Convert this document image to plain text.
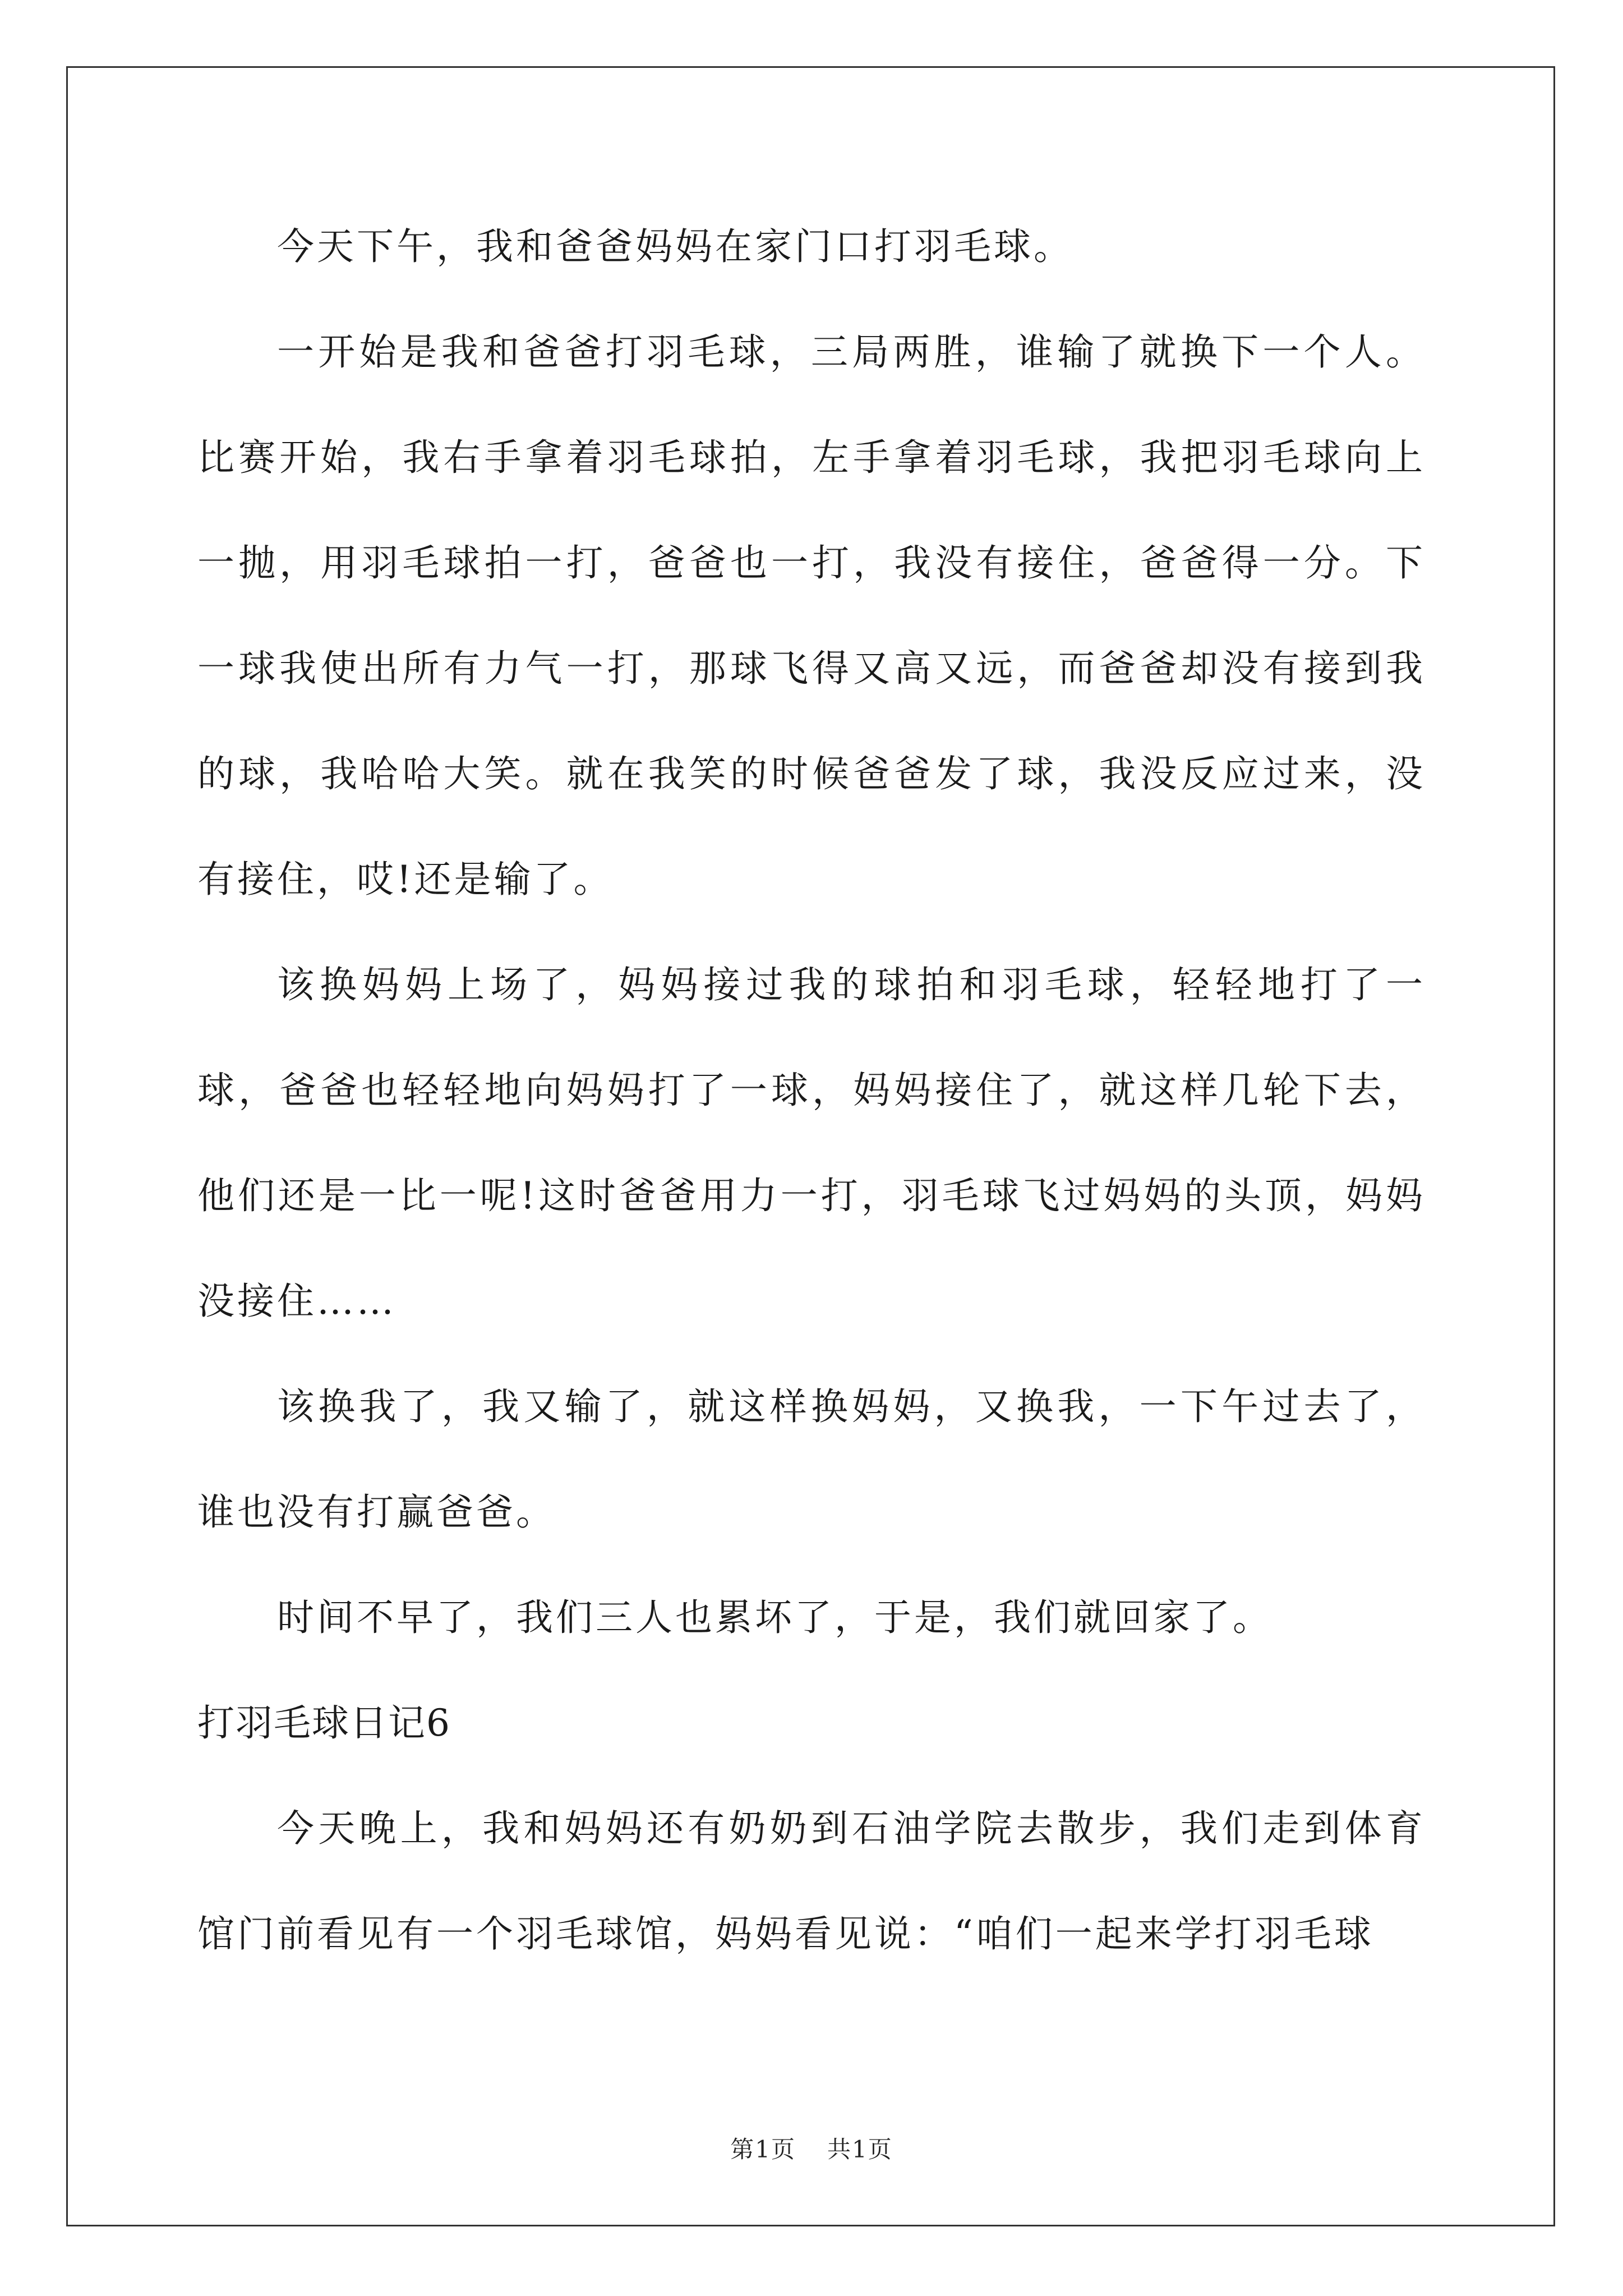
今天下午，我和爸爸妈妈在家门口打羽毛球。

一开始是我和爸爸打羽毛球，三局两胜，谁输了就换下一个人。比赛开始，我右手拿着羽毛球拍，左手拿着羽毛球，我把羽毛球向上一抛，用羽毛球拍一打，爸爸也一打，我没有接住，爸爸得一分。下一球我使出所有力气一打，那球飞得又高又远，而爸爸却没有接到我的球，我哈哈大笑。就在我笑的时候爸爸发了球，我没反应过来，没有接住，哎!还是输了。

该换妈妈上场了，妈妈接过我的球拍和羽毛球，轻轻地打了一球，爸爸也轻轻地向妈妈打了一球，妈妈接住了，就这样几轮下去，他们还是一比一呢!这时爸爸用力一打，羽毛球飞过妈妈的头顶，妈妈没接住……

该换我了，我又输了，就这样换妈妈，又换我，一下午过去了，谁也没有打赢爸爸。

时间不早了，我们三人也累坏了，于是，我们就回家了。

打羽毛球日记6

今天晚上，我和妈妈还有奶奶到石油学院去散步，我们走到体育馆门前看见有一个羽毛球馆，妈妈看见说：“咱们一起来学打羽毛球

第1页 共1页
